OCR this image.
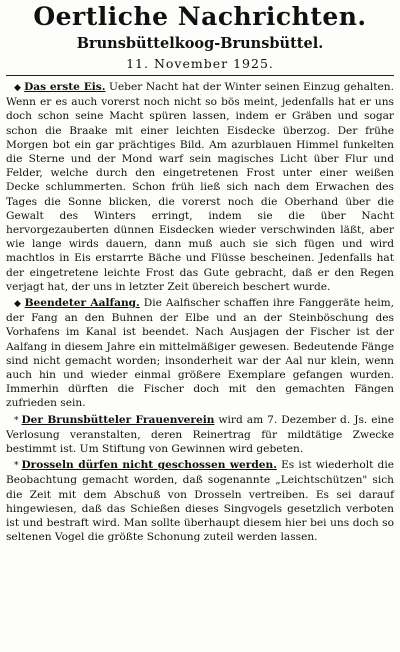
Oertliche Nachrichten.
Brunsbüttelkoog-Brunsbüttel.
11. November 1925.

◆ Das erste Eis. Ueber Nacht hat der Winter seinen Einzug gehalten. Wenn er es auch vorerst noch nicht so bös meint, jedenfalls hat er uns doch schon seine Macht spüren lassen, indem er Gräben und sogar schon die Braake mit einer leichten Eisdecke überzog. Der frühe Morgen bot ein gar prächtiges Bild. Am azurblauen Himmel funkelten die Sterne und der Mond warf sein magisches Licht über Flur und Felder, welche durch den eingetretenen Frost unter einer weißen Decke schlummerten. Schon früh ließ sich nach dem Erwachen des Tages die Sonne blicken, die vorerst noch die Oberhand über die Gewalt des Winters erringt, indem sie die über Nacht hervorgezauberten dünnen Eisdecken wieder verschwinden läßt, aber wie lange wirds dauern, dann muß auch sie sich fügen und wird machtlos in Eis erstarrte Bäche und Flüsse bescheinen. Jedenfalls hat der eingetretene leichte Frost das Gute gebracht, daß er den Regen verjagt hat, der uns in letzter Zeit übereich beschert wurde.

◆ Beendeter Aalfang. Die Aalfischer schaffen ihre Fanggeräte heim, der Fang an den Buhnen der Elbe und an der Steinböschung des Vorhafens im Kanal ist beendet. Nach Ausjagen der Fischer ist der Aalfang in diesem Jahre ein mittelmäßiger gewesen. Bedeutende Fänge sind nicht gemacht worden; insonderheit war der Aal nur klein, wenn auch hin und wieder einmal größere Exemplare gefangen wurden. Immerhin dürften die Fischer doch mit den gemachten Fängen zufrieden sein.

* Der Brunsbütteler Frauenverein wird am 7. Dezember d. Js. eine Verlosung veranstalten, deren Reinertrag für mildtätige Zwecke bestimmt ist. Um Stiftung von Gewinnen wird gebeten.

* Drosseln dürfen nicht geschossen werden. Es ist wiederholt die Beobachtung gemacht worden, daß sogenannte „Leichtschützen" sich die Zeit mit dem Abschuß von Drosseln vertreiben. Es sei darauf hingewiesen, daß das Schießen dieses Singvogels gesetzlich verboten ist und bestraft wird. Man sollte überhaupt diesem hier bei uns doch so seltenen Vogel die größte Schonung zuteil werden lassen.
